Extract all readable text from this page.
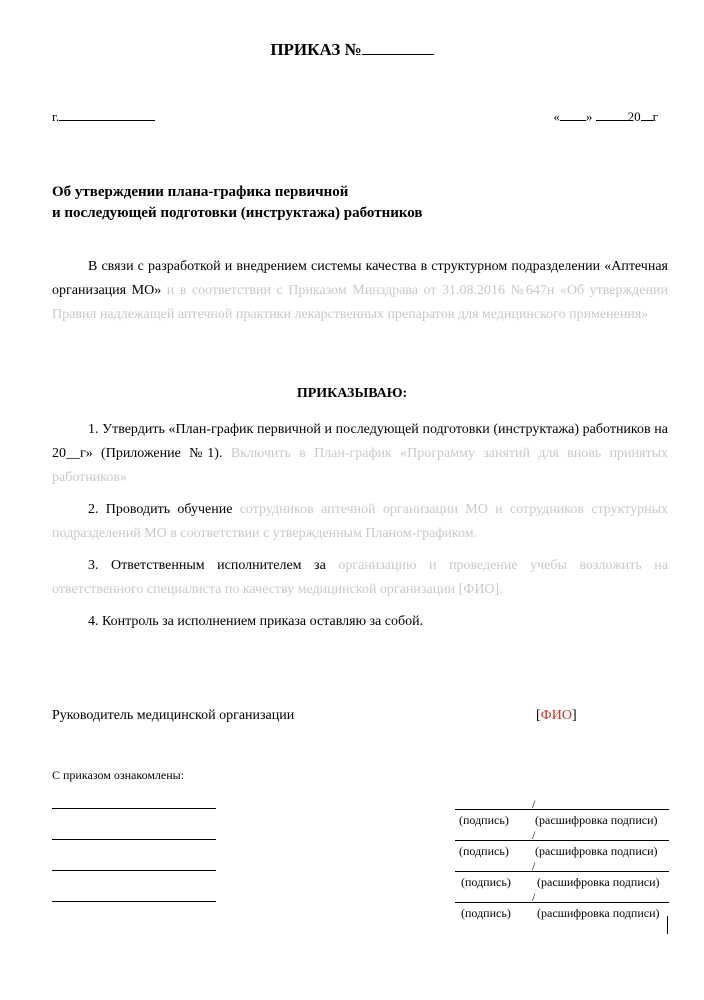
ПРИКАЗ №
г.	« »	20 г
Об утверждении плана-графика первичной
и последующей подготовки (инструктажа) работников

В связи с разработкой и внедрением системы качества в структурном подразделении «Аптечная организация МО» и в соответствии с Приказом Минздрава от 31.08.2016 №647н «Об утверждении Правил надлежащей аптечной практики лекарственных препаратов для медицинского применения»

ПРИКАЗЫВАЮ:

1. Утвердить «План-график первичной и последующей подготовки (инструктажа) работников на 20__г» (Приложение №1). Включить в План-график «Программу занятий для вновь принятых работников»

2. Проводить обучение сотрудников аптечной организации МО и сотрудников структурных подразделений МО в соответствии с утвержденным Планом-графиком.

3. Ответственным исполнителем за организацию и проведение учебы возложить на ответственного специалиста по качеству медицинской организации [ФИО].

4. Контроль за исполнением приказа оставляю за собой.

Руководитель медицинской организации	[ФИО]
С приказом ознакомлены:
/
(подпись) (расшифровка подписи)
/
(подпись) (расшифровка подписи)
/
(подпись) (расшифровка подписи)
/
(подпись) (расшифровка подписи)
